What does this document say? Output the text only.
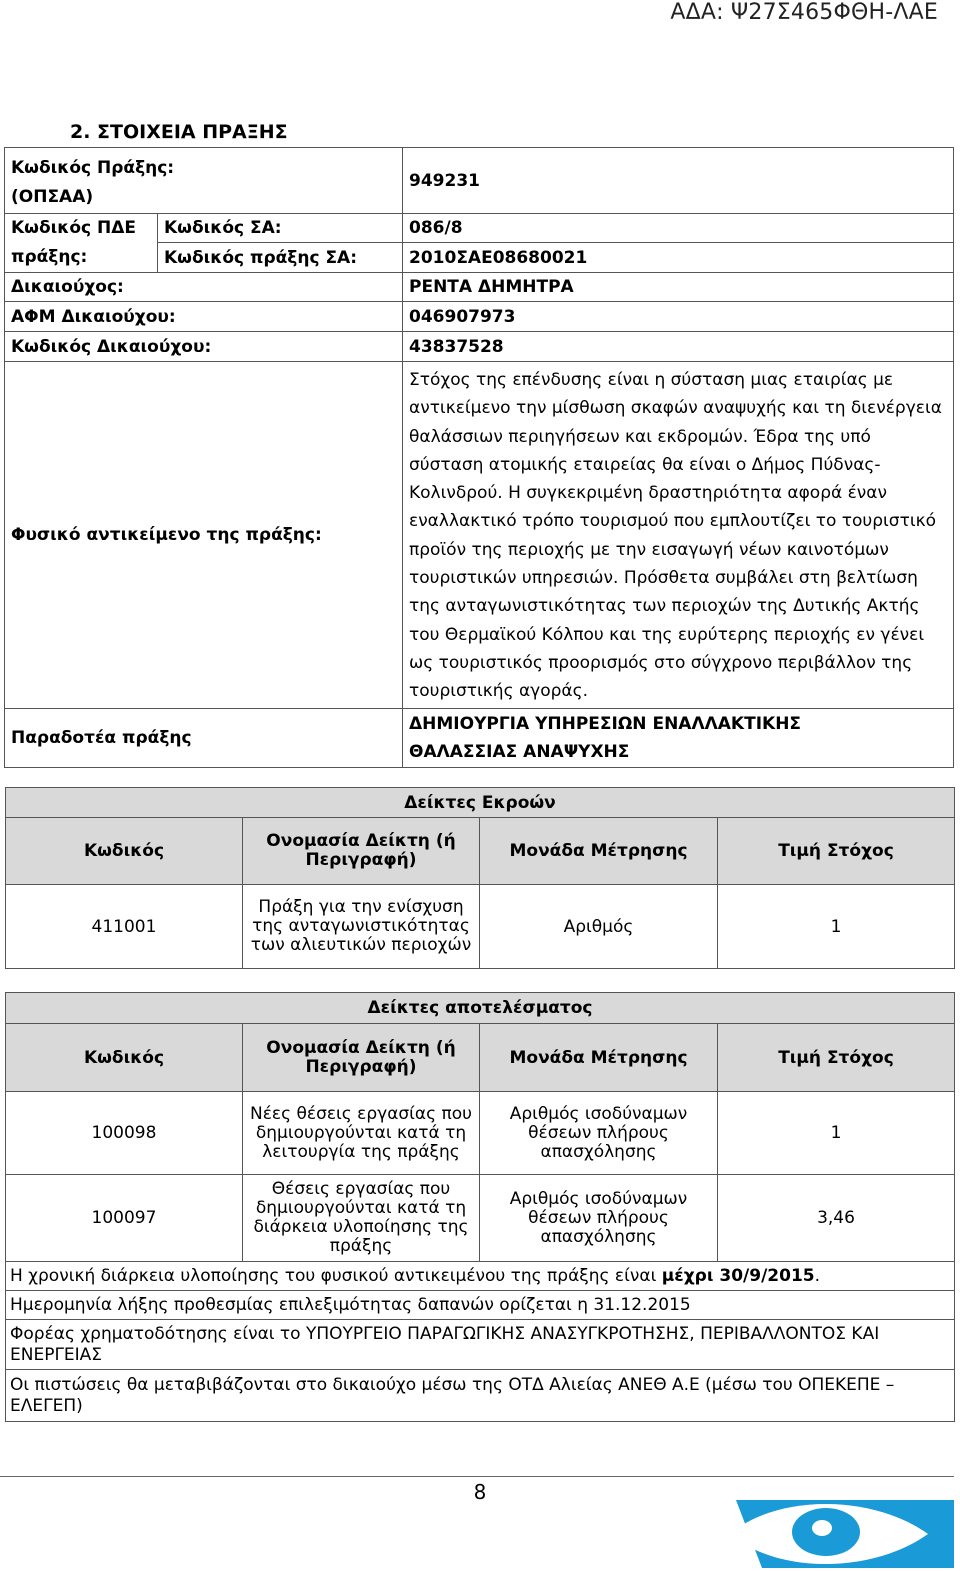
ΑΔΑ: Ψ27Σ465ΦΘΗ-ΛΑΕ
2. ΣΤΟΙΧΕΙΑ ΠΡΑΞΗΣ
Κωδικός Πράξης:		949231
(ΟΠΣΑΑ)		
Κωδικός ΠΔΕ	Κωδικός ΣΑ:	086/8
πράξης:	Κωδικός πράξης ΣΑ:	2010ΣΑΕ08680021
Δικαιούχος:		ΡΕΝΤΑ ΔΗΜΗΤΡΑ
ΑΦΜ Δικαιούχου:		046907973
Κωδικός Δικαιούχου:		43837528
Φυσικό αντικείμενο της πράξης:		Στόχος της επένδυσης είναι η σύσταση μιας εταιρίας με αντικείμενο την μίσθωση σκαφών αναψυχής και τη διενέργεια θαλάσσιων περιηγήσεων και εκδρομών. Έδρα της υπό σύσταση ατομικής εταιρείας θα είναι ο Δήμος Πύδνας-Κολινδρού. Η συγκεκριμένη δραστηριότητα αφορά έναν εναλλακτικό τρόπο τουρισμού που εμπλουτίζει το τουριστικό προϊόν της περιοχής με την εισαγωγή νέων καινοτόμων τουριστικών υπηρεσιών. Πρόσθετα συμβάλει στη βελτίωση της ανταγωνιστικότητας των περιοχών της Δυτικής Ακτής του Θερμαϊκού Κόλπου και της ευρύτερης περιοχής εν γένει ως τουριστικός προορισμός στο σύγχρονο περιβάλλον της τουριστικής αγοράς.
Παραδοτέα πράξης		ΔΗΜΙΟΥΡΓΙΑ ΥΠΗΡΕΣΙΩΝ ΕΝΑΛΛΑΚΤΙΚΗΣ
ΘΑΛΑΣΣΙΑΣ ΑΝΑΨΥΧΗΣ
Δείκτες Εκροών			
Κωδικός	Ονομασία Δείκτη (ή Περιγραφή)	Μονάδα Μέτρησης	Τιμή Στόχος
411001	Πράξη για την ενίσχυση της ανταγωνιστικότητας των αλιευτικών περιοχών	Αριθμός	1
Δείκτες αποτελέσματος			
Κωδικός	Ονομασία Δείκτη (ή Περιγραφή)	Μονάδα Μέτρησης	Τιμή Στόχος
100098	Νέες θέσεις εργασίας που δημιουργούνται κατά τη λειτουργία της πράξης	Αριθμός ισοδύναμων θέσεων πλήρους απασχόλησης	1
100097	Θέσεις εργασίας που δημιουργούνται κατά τη διάρκεια υλοποίησης της πράξης	Αριθμός ισοδύναμων θέσεων πλήρους απασχόλησης	3,46
Η χρονική διάρκεια υλοποίησης του φυσικού αντικειμένου της πράξης είναι μέχρι 30/9/2015.			
Ημερομηνία λήξης προθεσμίας επιλεξιμότητας δαπανών ορίζεται η 31.12.2015			
Φορέας χρηματοδότησης είναι το ΥΠΟΥΡΓΕΙΟ ΠΑΡΑΓΩΓΙΚΗΣ ΑΝΑΣΥΓΚΡΟΤΗΣΗΣ, ΠΕΡΙΒΑΛΛΟΝΤΟΣ ΚΑΙ ΕΝΕΡΓΕΙΑΣ			
Οι πιστώσεις θα μεταβιβάζονται στο δικαιούχο μέσω της ΟΤΔ Αλιείας ΑΝΕΘ Α.Ε (μέσω του ΟΠΕΚΕΠΕ – ΕΛΕΓΕΠ)			
8
